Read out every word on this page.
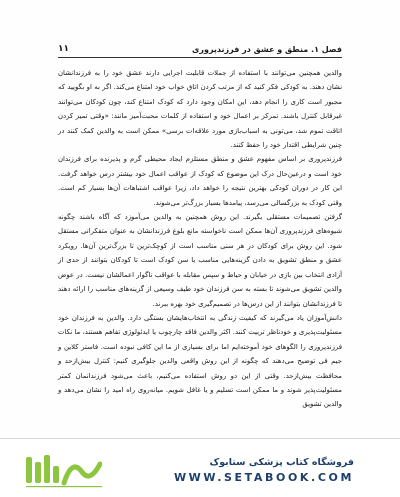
فصل ۱. منطق و عشق در فرزندپروری
۱۱

والدین همچنین می‌توانند با استفاده از جملات قابلیت اجرایی دارند عشق خود را به فرزندانشان نشان دهند. به کودکی فکر کنید که از مرتب کردن اتاق خواب خود امتناع می‌کند. اگر به او بگویید که مجبور است کاری را انجام دهد، این امکان وجود دارد که کودک امتناع کند، چون کودکان می‌توانند غیرقابل کنترل باشند. تمرکز بر اعمال خود و استفاده از کلمات محبت‌آمیز مانند: «وقتی تمیز کردن اتاقت تموم شد، می‌تونی به اسباب‌بازی مورد علاقه‌ات برسی» ممکن است به والدین کمک کنند در چنین شرایطی اقتدار خود را حفظ کنند.

فرزندپروری بر اساس مفهوم عشق و منطق مستلزم ایجاد محیطی گرم و پذیرنده برای فرزندان خود است و درعین‌حال درک این موضوع که کودک از عواقب اعمال خود بیشتر درس خواهد گرفت. این کار در دوران کودکی بهترین نتیجه را خواهد داد، زیرا عواقب اشتباهات آن‌ها بسیار کم است. وقتی کودک به بزرگسالی می‌رسد، پیامدها بسیار بزرگ‌تر می‌شوند.

گرفتن تصمیمات مستقلی بگیرند. این روش همچنین به والدین می‌آموزد که آگاه باشند چگونه شیوه‌های فرزندپروری آن‌ها ممکن است ناخواسته مانع بلوغ فرزندانشان به عنوان متفکرانی مستقل شود. این روش برای کودکان در هر سنی مناسب است از کوچک‌ترین تا بزرگ‌ترین آن‌ها. رویکرد عشق و منطق تشویق به دادن گزینه‌هایی مناسب با سن کودک است تا کودکان بتوانند از حدی از آزادی انتخاب بین بازی در خیابان و حیاط و سپس مقابله با عواقب ناگوار اعمالشان نیست. در عوض والدین تشویق می‌شوند تا بسته به سن فرزندان خود طیف وسیعی از گزینه‌های مناسب را ارائه دهند تا فرزندانشان بتوانند از این درس‌ها در تصمیم‌گیری خود بهره ببرند.

دانش‌آموزان یاد می‌گیرند که کیفیت زندگی به انتخاب‌هایشان بستگی دارد. والدین به فرزندان خود مسئولیت‌پذیری و خودناظر تربیت کنند. اکثر والدین فاقد چارچوب یا ایدئولوژی تفاهم هستند، ما نکات فرزندپروری را الگوهای خود آموخته‌ایم اما برای بسیاری از ما این کافی نبوده است. فاستر کلاین و جیم فی توضیح می‌دهند که چگونه از این روش واقعی والدین جلوگیری کنیم: کنترل بیش‌ازحد و محافظت بیش‌ازحد. وقتی از این دو روش استفاده می‌کنیم، باعث می‌شود فرزندانمان کمتر مسئولیت‌پذیر شوند و ما ممکن است تسلیم و یا غافل شویم. میانه‌روی راه امید را نشان می‌دهد و والدین تشویق

فروشگاه کتاب پزشکی ستابوک
WWW.SETABOOK.COM
